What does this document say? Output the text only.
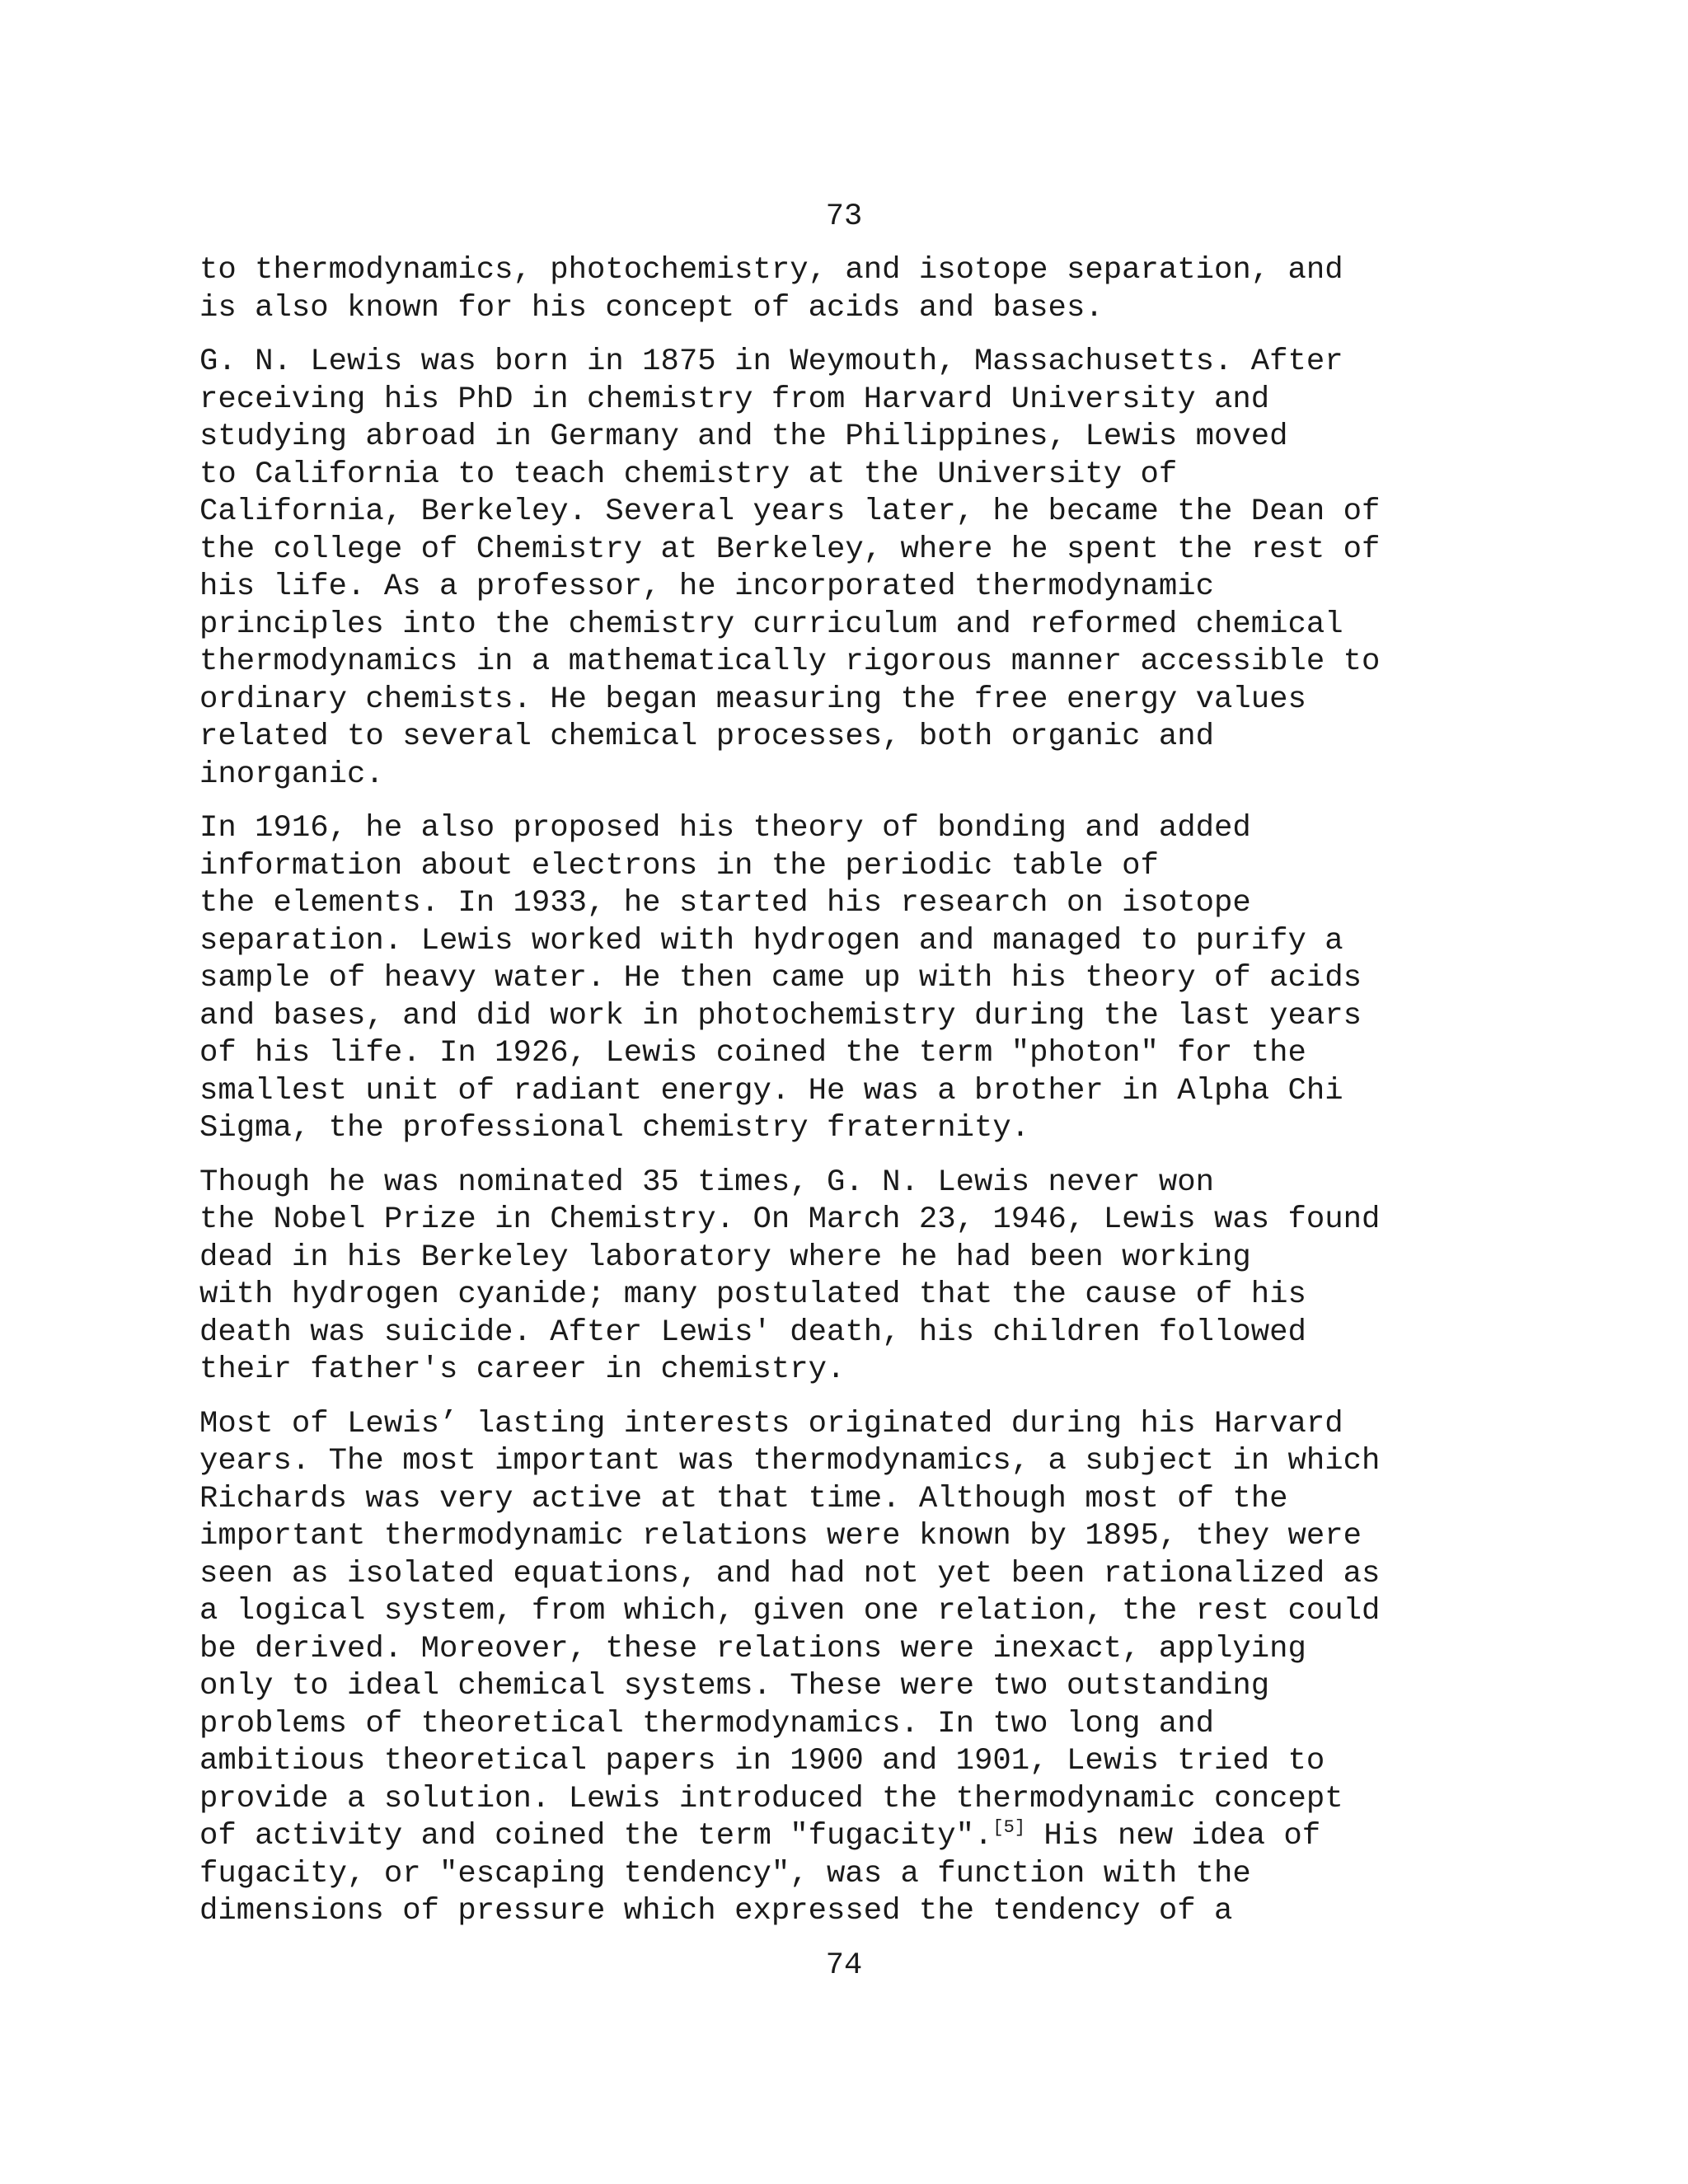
73
to thermodynamics, photochemistry, and isotope separation, and
is also known for his concept of acids and bases.
G. N. Lewis was born in 1875 in Weymouth, Massachusetts. After
receiving his PhD in chemistry from Harvard University and
studying abroad in Germany and the Philippines, Lewis moved
to California to teach chemistry at the University of
California, Berkeley. Several years later, he became the Dean of
the college of Chemistry at Berkeley, where he spent the rest of
his life. As a professor, he incorporated thermodynamic
principles into the chemistry curriculum and reformed chemical
thermodynamics in a mathematically rigorous manner accessible to
ordinary chemists. He began measuring the free energy values
related to several chemical processes, both organic and
inorganic.
In 1916, he also proposed his theory of bonding and added
information about electrons in the periodic table of
the elements. In 1933, he started his research on isotope
separation. Lewis worked with hydrogen and managed to purify a
sample of heavy water. He then came up with his theory of acids
and bases, and did work in photochemistry during the last years
of his life. In 1926, Lewis coined the term "photon" for the
smallest unit of radiant energy. He was a brother in Alpha Chi
Sigma, the professional chemistry fraternity.
Though he was nominated 35 times, G. N. Lewis never won
the Nobel Prize in Chemistry. On March 23, 1946, Lewis was found
dead in his Berkeley laboratory where he had been working
with hydrogen cyanide; many postulated that the cause of his
death was suicide. After Lewis' death, his children followed
their father's career in chemistry.
Most of Lewis’ lasting interests originated during his Harvard
years. The most important was thermodynamics, a subject in which
Richards was very active at that time. Although most of the
important thermodynamic relations were known by 1895, they were
seen as isolated equations, and had not yet been rationalized as
a logical system, from which, given one relation, the rest could
be derived. Moreover, these relations were inexact, applying
only to ideal chemical systems. These were two outstanding
problems of theoretical thermodynamics. In two long and
ambitious theoretical papers in 1900 and 1901, Lewis tried to
provide a solution. Lewis introduced the thermodynamic concept
of activity and coined the term "fugacity".[5] His new idea of
fugacity, or "escaping tendency", was a function with the
dimensions of pressure which expressed the tendency of a
74
